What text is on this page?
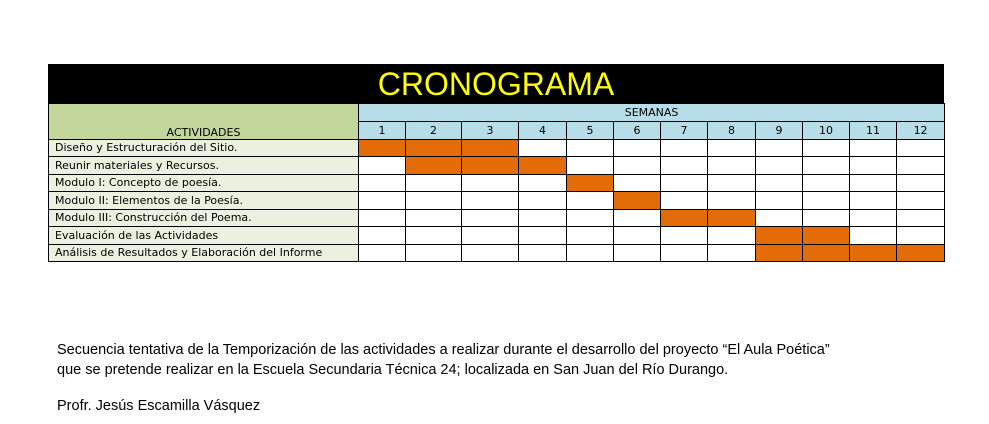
CRONOGRAMA
ACTIVIDADES	SEMANAS											
	1	2	3	4	5	6	7	8	9	10	11	12
Diseño y Estructuración del Sitio.												
Reunir materiales y Recursos.												
Modulo I: Concepto de poesía.												
Modulo II: Elementos de la Poesía.												
Modulo III: Construcción del Poema.												
Evaluación de las Actividades												
Análisis de Resultados y Elaboración del Informe												
Secuencia tentativa de la Temporización de las actividades a realizar durante el desarrollo del proyecto “El Aula Poética”
que se pretende realizar en la Escuela Secundaria Técnica 24; localizada en San Juan del Río Durango.
Profr. Jesús Escamilla Vásquez
